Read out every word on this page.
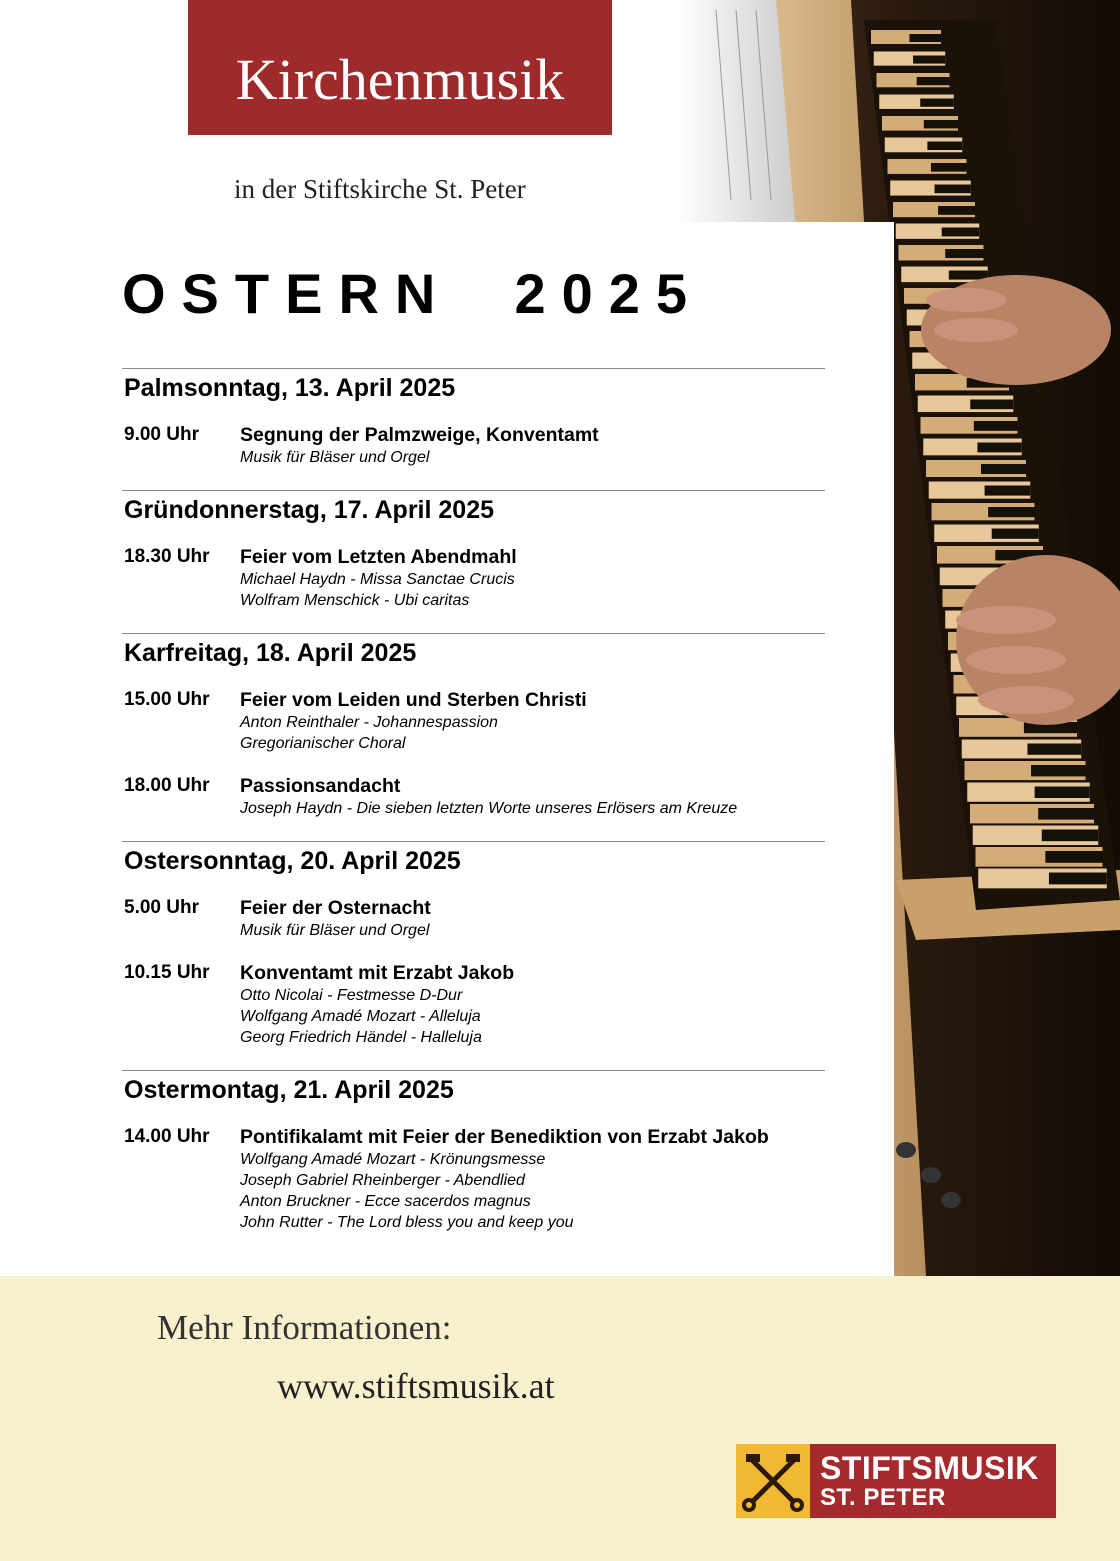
Kirchenmusik
in der Stiftskirche St. Peter
OSTERN  2025
Palmsonntag, 13. April 2025
9.00 Uhr	Segnung der Palmzweige, Konventamt
Musik für Bläser und Orgel
Gründonnerstag, 17. April 2025
18.30 Uhr	Feier vom Letzten Abendmahl
Michael Haydn - Missa Sanctae Crucis
Wolfram Menschick - Ubi caritas
Karfreitag, 18. April 2025
15.00 Uhr	Feier vom Leiden und Sterben Christi
Anton Reinthaler - Johannespassion
Gregorianischer Choral
18.00 Uhr	Passionsandacht
Joseph Haydn - Die sieben letzten Worte unseres Erlösers am Kreuze
Ostersonntag, 20. April 2025
5.00 Uhr	Feier der Osternacht
Musik für Bläser und Orgel
10.15 Uhr	Konventamt mit Erzabt Jakob
Otto Nicolai - Festmesse D-Dur
Wolfgang Amadé Mozart - Alleluja
Georg Friedrich Händel - Halleluja
Ostermontag, 21. April 2025
14.00 Uhr	Pontifikalamt mit Feier der Benediktion von Erzabt Jakob
Wolfgang Amadé Mozart - Krönungsmesse
Joseph Gabriel Rheinberger - Abendlied
Anton Bruckner - Ecce sacerdos magnus
John Rutter - The Lord bless you and keep you
Mehr Informationen:
www.stiftsmusik.at
STIFTSMUSIK
ST. PETER
